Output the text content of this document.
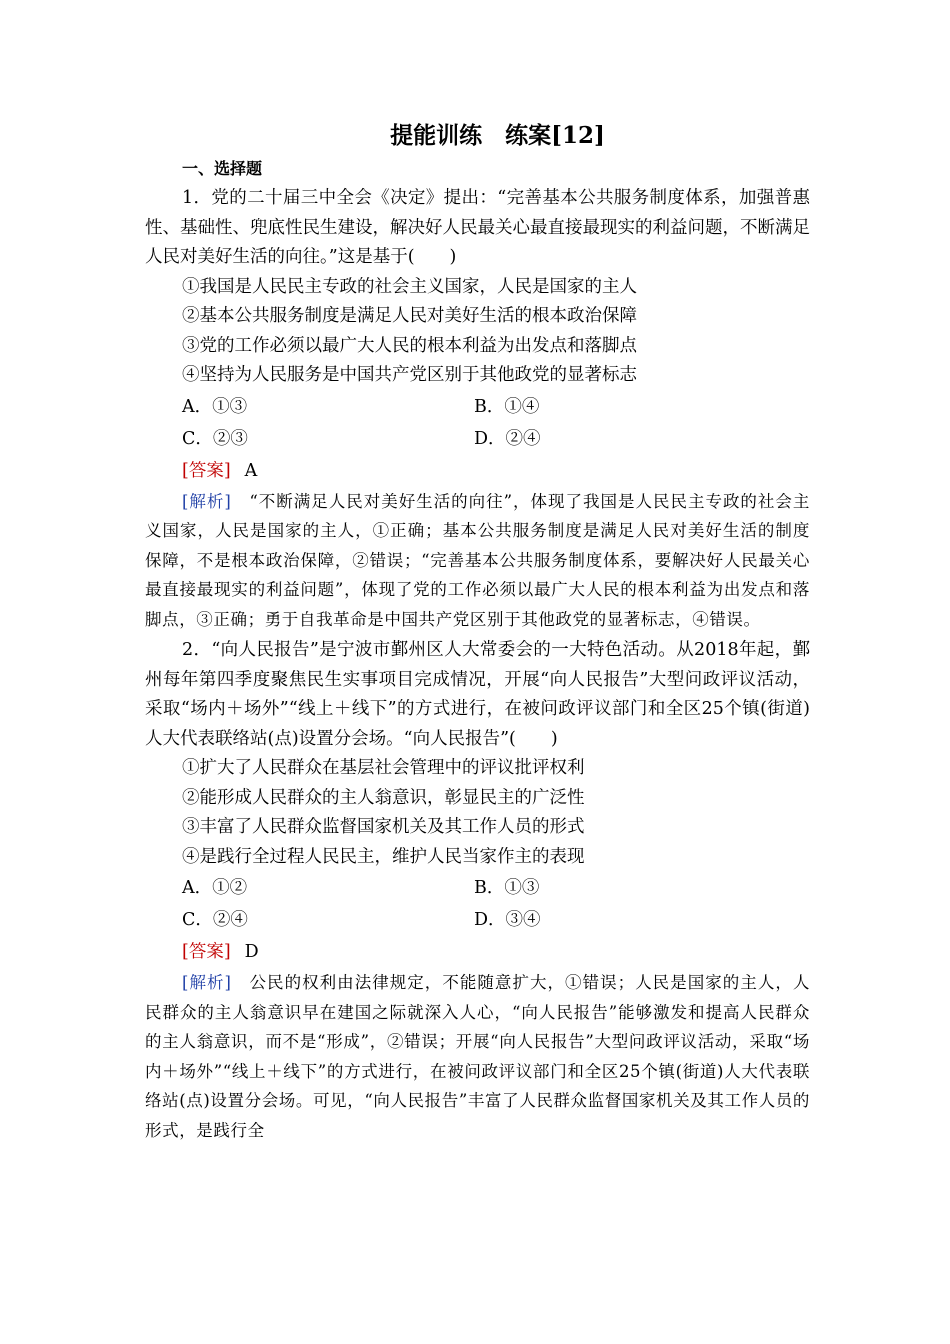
提能训练　练案[12]
一、选择题

1．党的二十届三中全会《决定》提出：“完善基本公共服务制度体系，加强普惠性、基础性、兜底性民生建设，解决好人民最关心最直接最现实的利益问题，不断满足人民对美好生活的向往。”这是基于(　　)

①我国是人民民主专政的社会主义国家，人民是国家的主人
②基本公共服务制度是满足人民对美好生活的根本政治保障
③党的工作必须以最广大人民的根本利益为出发点和落脚点
④坚持为人民服务是中国共产党区别于其他政党的显著标志
A．①③	B．①④
C．②③	D．②④
[答案] A

[解析]　 “不断满足人民对美好生活的向往”，体现了我国是人民民主专政的社会主义国家，人民是国家的主人，①正确；基本公共服务制度是满足人民对美好生活的制度保障，不是根本政治保障，②错误；“完善基本公共服务制度体系，要解决好人民最关心最直接最现实的利益问题”，体现了党的工作必须以最广大人民的根本利益为出发点和落脚点，③正确；勇于自我革命是中国共产党区别于其他政党的显著标志，④错误。

2．“向人民报告”是宁波市鄞州区人大常委会的一大特色活动。从2018年起，鄞州每年第四季度聚焦民生实事项目完成情况，开展“向人民报告”大型问政评议活动，采取“场内＋场外”“线上＋线下”的方式进行，在被问政评议部门和全区25个镇(街道)人大代表联络站(点)设置分会场。“向人民报告”(　　)

①扩大了人民群众在基层社会管理中的评议批评权利
②能形成人民群众的主人翁意识，彰显民主的广泛性
③丰富了人民群众监督国家机关及其工作人员的形式
④是践行全过程人民民主，维护人民当家作主的表现
A．①②	B．①③
C．②④	D．③④
[答案] D

[解析]　 公民的权利由法律规定，不能随意扩大，①错误；人民是国家的主人，人民群众的主人翁意识早在建国之际就深入人心，“向人民报告”能够激发和提高人民群众的主人翁意识，而不是“形成”，②错误；开展“向人民报告”大型问政评议活动，采取“场内＋场外”“线上＋线下”的方式进行，在被问政评议部门和全区25个镇(街道)人大代表联络站(点)设置分会场。可见，“向人民报告”丰富了人民群众监督国家机关及其工作人员的形式，是践行全
